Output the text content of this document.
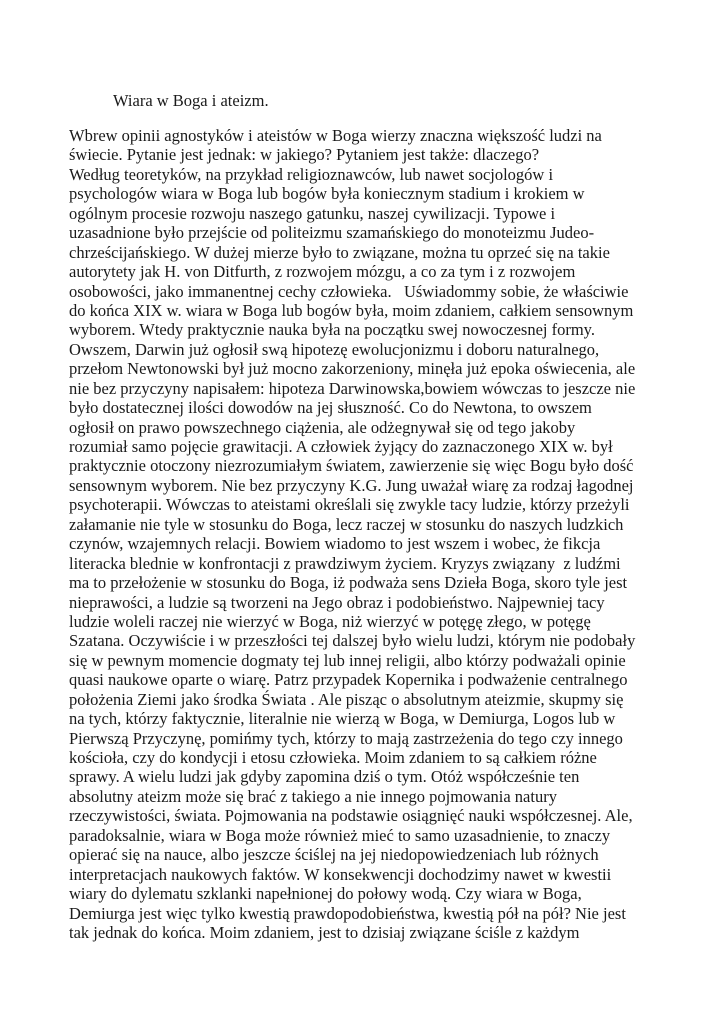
Wiara w Boga i ateizm.
Wbrew opinii agnostyków i ateistów w Boga wierzy znaczna większość ludzi na
świecie. Pytanie jest jednak: w jakiego? Pytaniem jest także: dlaczego?
Według teoretyków, na przykład religioznawców, lub nawet socjologów i
psychologów wiara w Boga lub bogów była koniecznym stadium i krokiem w
ogólnym procesie rozwoju naszego gatunku, naszej cywilizacji. Typowe i
uzasadnione było przejście od politeizmu szamańskiego do monoteizmu Judeo-
chrześcijańskiego. W dużej mierze było to związane, można tu oprzeć się na takie
autorytety jak H. von Ditfurth, z rozwojem mózgu, a co za tym i z rozwojem
osobowości, jako immanentnej cechy człowieka.   Uświadommy sobie, że właściwie
do końca XIX w. wiara w Boga lub bogów była, moim zdaniem, całkiem sensownym
wyborem. Wtedy praktycznie nauka była na początku swej nowoczesnej formy.
Owszem, Darwin już ogłosił swą hipotezę ewolucjonizmu i doboru naturalnego,
przełom Newtonowski był już mocno zakorzeniony, minęła już epoka oświecenia, ale
nie bez przyczyny napisałem: hipoteza Darwinowska,bowiem wówczas to jeszcze nie
było dostatecznej ilości dowodów na jej słuszność. Co do Newtona, to owszem
ogłosił on prawo powszechnego ciążenia, ale odżegnywał się od tego jakoby
rozumiał samo pojęcie grawitacji. A człowiek żyjący do zaznaczonego XIX w. był
praktycznie otoczony niezrozumiałym światem, zawierzenie się więc Bogu było dość
sensownym wyborem. Nie bez przyczyny K.G. Jung uważał wiarę za rodzaj łagodnej
psychoterapii. Wówczas to ateistami określali się zwykle tacy ludzie, którzy przeżyli
załamanie nie tyle w stosunku do Boga, lecz raczej w stosunku do naszych ludzkich
czynów, wzajemnych relacji. Bowiem wiadomo to jest wszem i wobec, że fikcja
literacka blednie w konfrontacji z prawdziwym życiem. Kryzys związany  z ludźmi
ma to przełożenie w stosunku do Boga, iż podważa sens Dzieła Boga, skoro tyle jest
nieprawości, a ludzie są tworzeni na Jego obraz i podobieństwo. Najpewniej tacy
ludzie woleli raczej nie wierzyć w Boga, niż wierzyć w potęgę złego, w potęgę
Szatana. Oczywiście i w przeszłości tej dalszej było wielu ludzi, którym nie podobały
się w pewnym momencie dogmaty tej lub innej religii, albo którzy podważali opinie
quasi naukowe oparte o wiarę. Patrz przypadek Kopernika i podważenie centralnego
położenia Ziemi jako środka Świata . Ale pisząc o absolutnym ateizmie, skupmy się
na tych, którzy faktycznie, literalnie nie wierzą w Boga, w Demiurga, Logos lub w
Pierwszą Przyczynę, pomińmy tych, którzy to mają zastrzeżenia do tego czy innego
kościoła, czy do kondycji i etosu człowieka. Moim zdaniem to są całkiem różne
sprawy. A wielu ludzi jak gdyby zapomina dziś o tym. Otóż współcześnie ten
absolutny ateizm może się brać z takiego a nie innego pojmowania natury
rzeczywistości, świata. Pojmowania na podstawie osiągnięć nauki współczesnej. Ale,
paradoksalnie, wiara w Boga może również mieć to samo uzasadnienie, to znaczy
opierać się na nauce, albo jeszcze ściślej na jej niedopowiedzeniach lub różnych
interpretacjach naukowych faktów. W konsekwencji dochodzimy nawet w kwestii
wiary do dylematu szklanki napełnionej do połowy wodą. Czy wiara w Boga,
Demiurga jest więc tylko kwestią prawdopodobieństwa, kwestią pół na pół? Nie jest
tak jednak do końca. Moim zdaniem, jest to dzisiaj związane ściśle z każdym
